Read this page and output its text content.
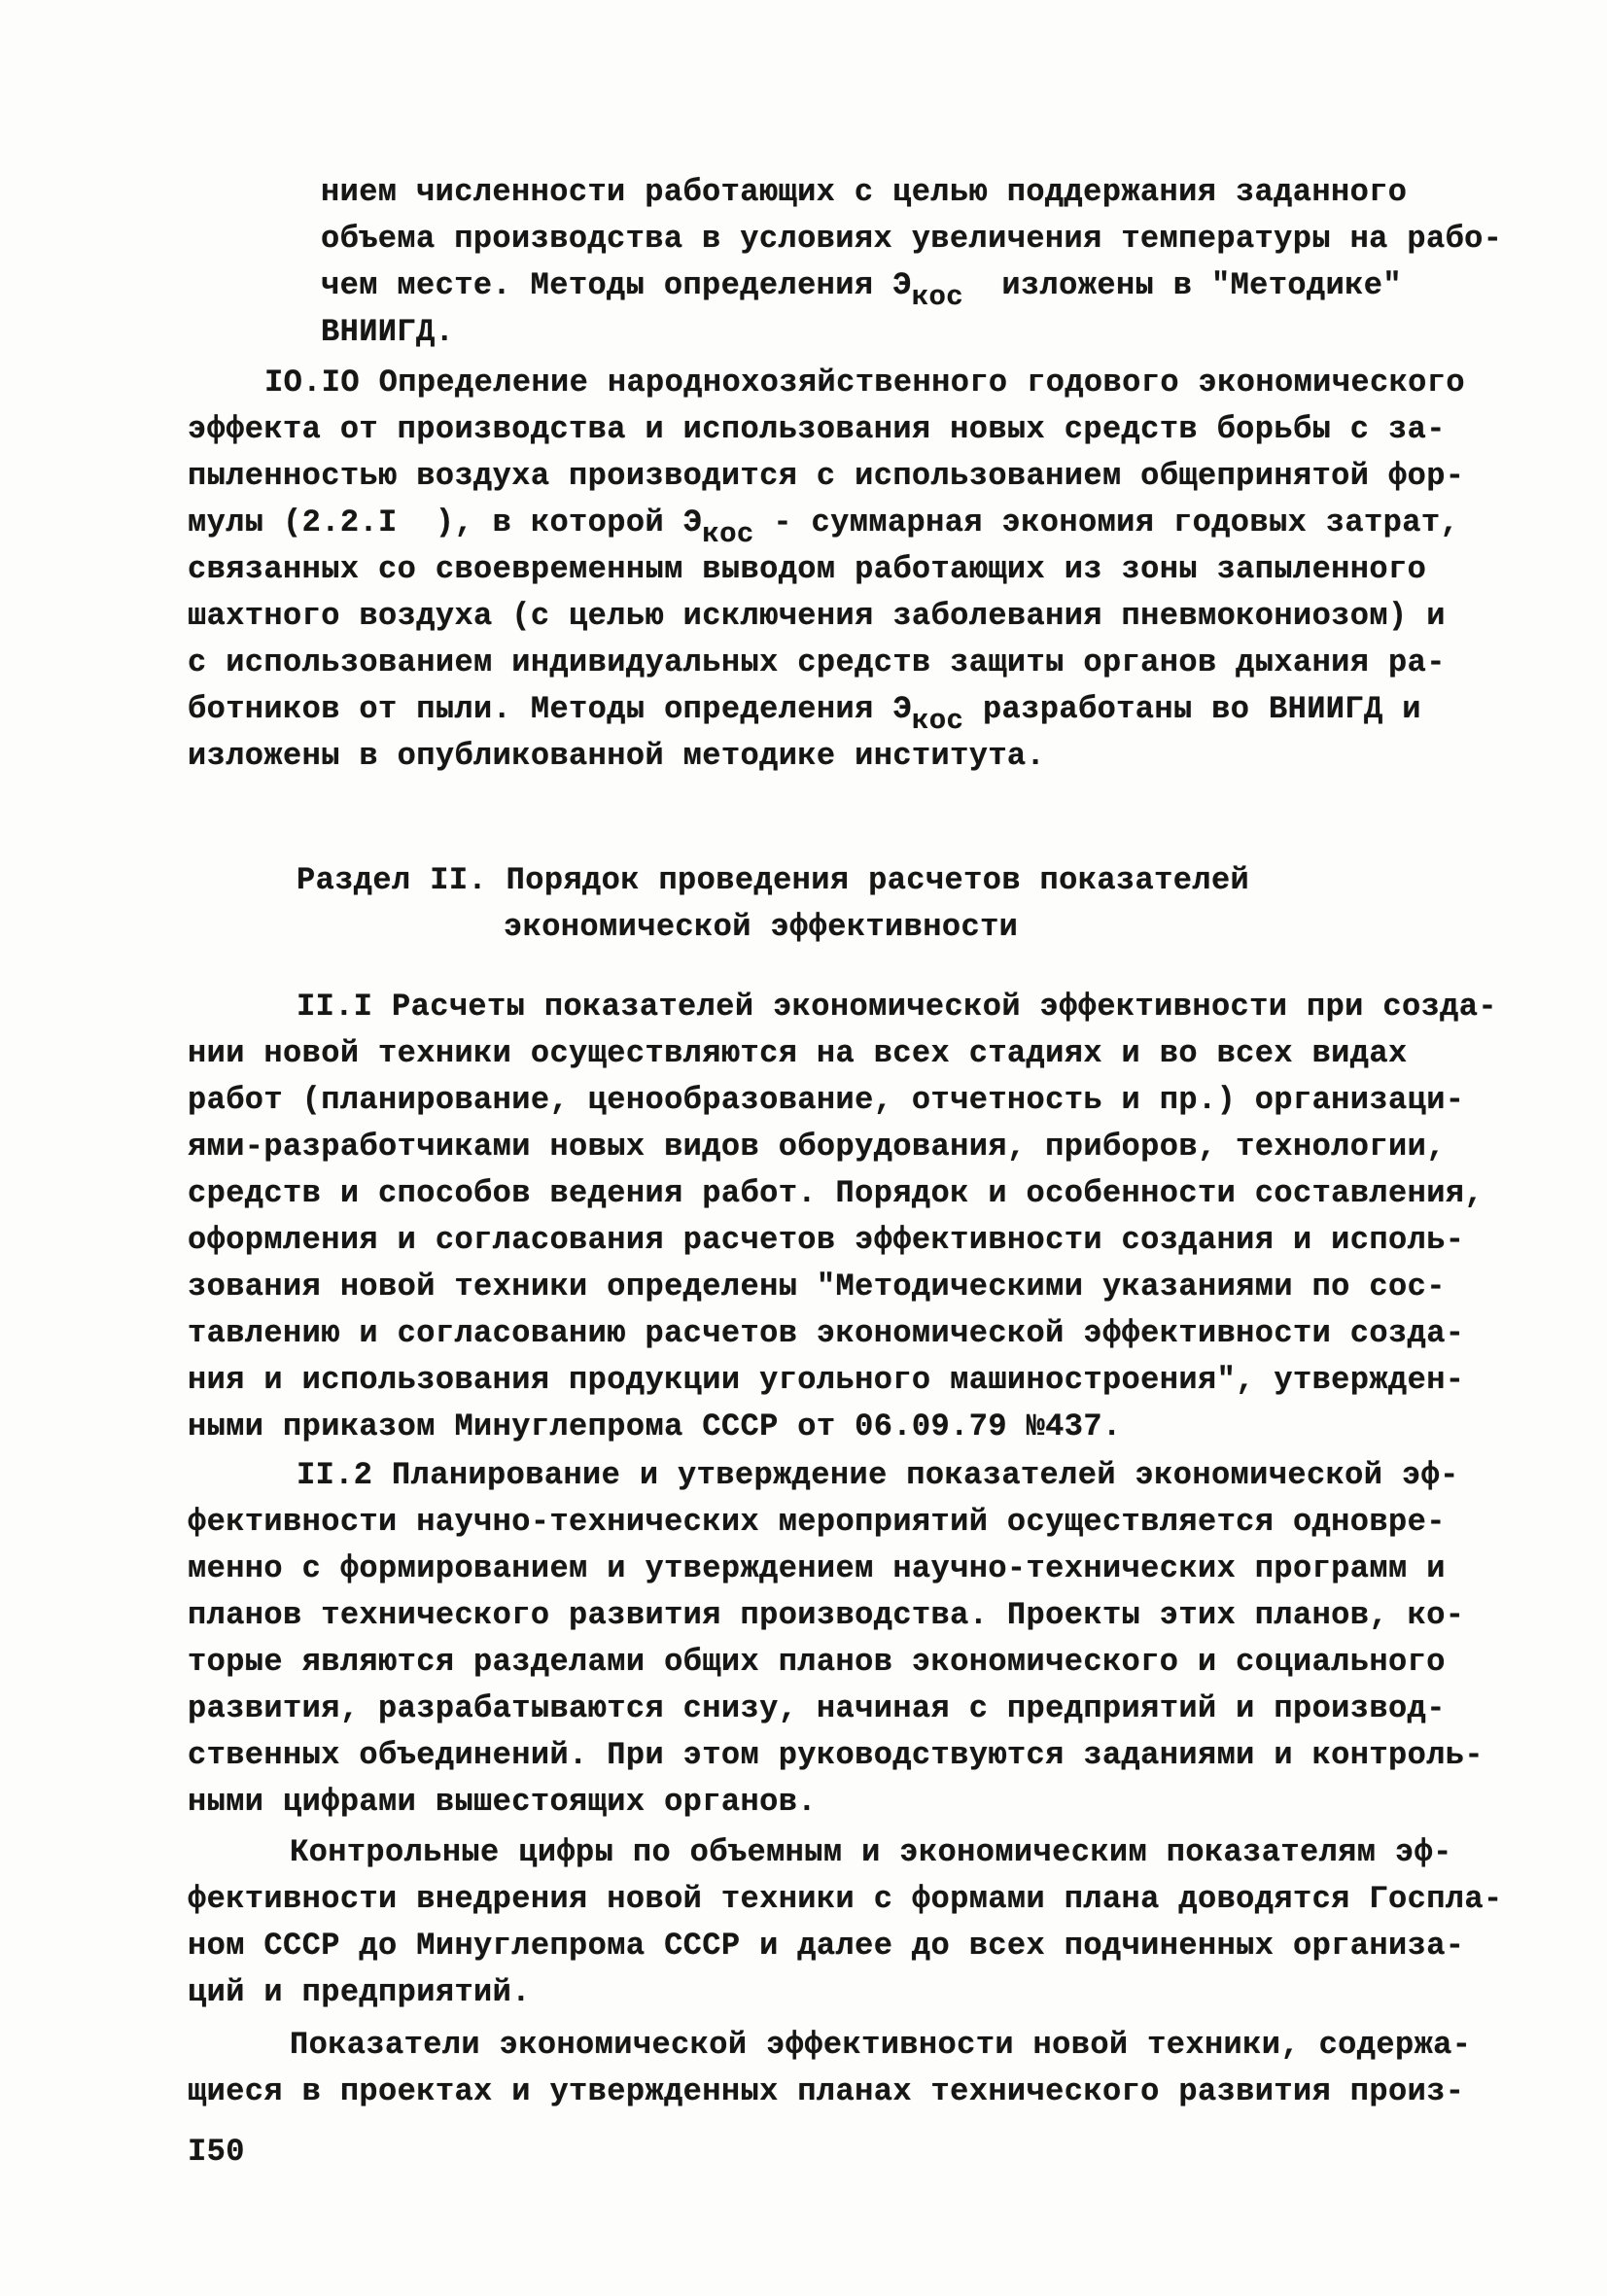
нием численности работающих с целью поддержания заданного
объема производства в условиях увеличения температуры на рабо-
чем месте. Методы определения Экос  изложены в "Методике"
ВНИИГД.
IO.IO Определение народнохозяйственного годового экономического
эффекта от производства и использования новых средств борьбы с за-
пыленностью воздуха производится с использованием общепринятой фор-
мулы (2.2.I  ), в которой Экос - суммарная экономия годовых затрат,
связанных со своевременным выводом работающих из зоны запыленного
шахтного воздуха (с целью исключения заболевания пневмокониозом) и
с использованием индивидуальных средств защиты органов дыхания ра-
ботников от пыли. Методы определения Экос разработаны во ВНИИГД и
изложены в опубликованной методике института.
Раздел II. Порядок проведения расчетов показателей
экономической эффективности
II.I Расчеты показателей экономической эффективности при созда-
нии новой техники осуществляются на всех стадиях и во всех видах
работ (планирование, ценообразование, отчетность и пр.) организаци-
ями-разработчиками новых видов оборудования, приборов, технологии,
средств и способов ведения работ. Порядок и особенности составления,
оформления и согласования расчетов эффективности создания и исполь-
зования новой техники определены "Методическими указаниями по сос-
тавлению и согласованию расчетов экономической эффективности созда-
ния и использования продукции угольного машиностроения", утвержден-
ными приказом Минуглепрома СССР от 06.09.79 №437.
II.2 Планирование и утверждение показателей экономической эф-
фективности научно-технических мероприятий осуществляется одновре-
менно с формированием и утверждением научно-технических программ и
планов технического развития производства. Проекты этих планов, ко-
торые являются разделами общих планов экономического и социального
развития, разрабатываются снизу, начиная с предприятий и производ-
ственных объединений. При этом руководствуются заданиями и контроль-
ными цифрами вышестоящих органов.
Контрольные цифры по объемным и экономическим показателям эф-
фективности внедрения новой техники с формами плана доводятся Госпла-
ном СССР до Минуглепрома СССР и далее до всех подчиненных организа-
ций и предприятий.
Показатели экономической эффективности новой техники, содержа-
щиеся в проектах и утвержденных планах технического развития произ-
I50
